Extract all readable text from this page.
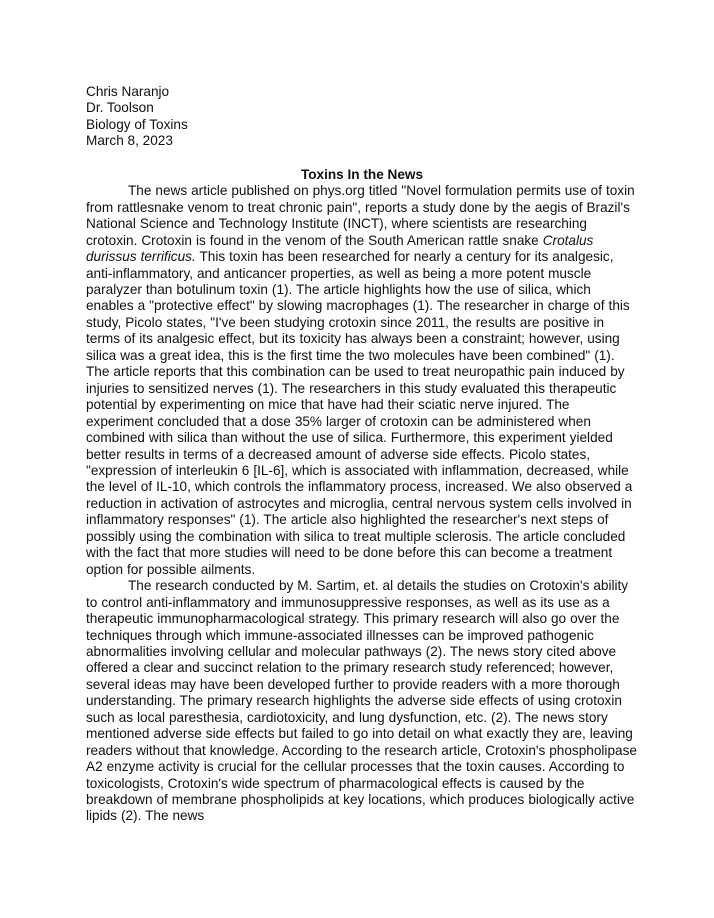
Chris Naranjo
Dr. Toolson
Biology of Toxins
March 8, 2023
Toxins In the News

The news article published on phys.org titled "Novel formulation permits use of toxin from rattlesnake venom to treat chronic pain", reports a study done by the aegis of Brazil's National Science and Technology Institute (INCT), where scientists are researching crotoxin. Crotoxin is found in the venom of the South American rattle snake Crotalus durissus terrificus. This toxin has been researched for nearly a century for its analgesic, anti-inflammatory, and anticancer properties, as well as being a more potent muscle paralyzer than botulinum toxin (1). The article highlights how the use of silica, which enables a "protective effect" by slowing macrophages (1). The researcher in charge of this study, Picolo states, "I've been studying crotoxin since 2011, the results are positive in terms of its analgesic effect, but its toxicity has always been a constraint; however, using silica was a great idea, this is the first time the two molecules have been combined" (1). The article reports that this combination can be used to treat neuropathic pain induced by injuries to sensitized nerves (1). The researchers in this study evaluated this therapeutic potential by experimenting on mice that have had their sciatic nerve injured. The experiment concluded that a dose 35% larger of crotoxin can be administered when combined with silica than without the use of silica. Furthermore, this experiment yielded better results in terms of a decreased amount of adverse side effects. Picolo states, "expression of interleukin 6 [IL-6], which is associated with inflammation, decreased, while the level of IL-10, which controls the inflammatory process, increased. We also observed a reduction in activation of astrocytes and microglia, central nervous system cells involved in inflammatory responses" (1). The article also highlighted the researcher's next steps of possibly using the combination with silica to treat multiple sclerosis. The article concluded with the fact that more studies will need to be done before this can become a treatment option for possible ailments.

The research conducted by M. Sartim, et. al details the studies on Crotoxin's ability to control anti-inflammatory and immunosuppressive responses, as well as its use as a therapeutic immunopharmacological strategy. This primary research will also go over the techniques through which immune-associated illnesses can be improved pathogenic abnormalities involving cellular and molecular pathways (2). The news story cited above offered a clear and succinct relation to the primary research study referenced; however, several ideas may have been developed further to provide readers with a more thorough understanding. The primary research highlights the adverse side effects of using crotoxin such as local paresthesia, cardiotoxicity, and lung dysfunction, etc. (2). The news story mentioned adverse side effects but failed to go into detail on what exactly they are, leaving readers without that knowledge. According to the research article, Crotoxin's phospholipase A2 enzyme activity is crucial for the cellular processes that the toxin causes. According to toxicologists, Crotoxin's wide spectrum of pharmacological effects is caused by the breakdown of membrane phospholipids at key locations, which produces biologically active lipids (2). The news
